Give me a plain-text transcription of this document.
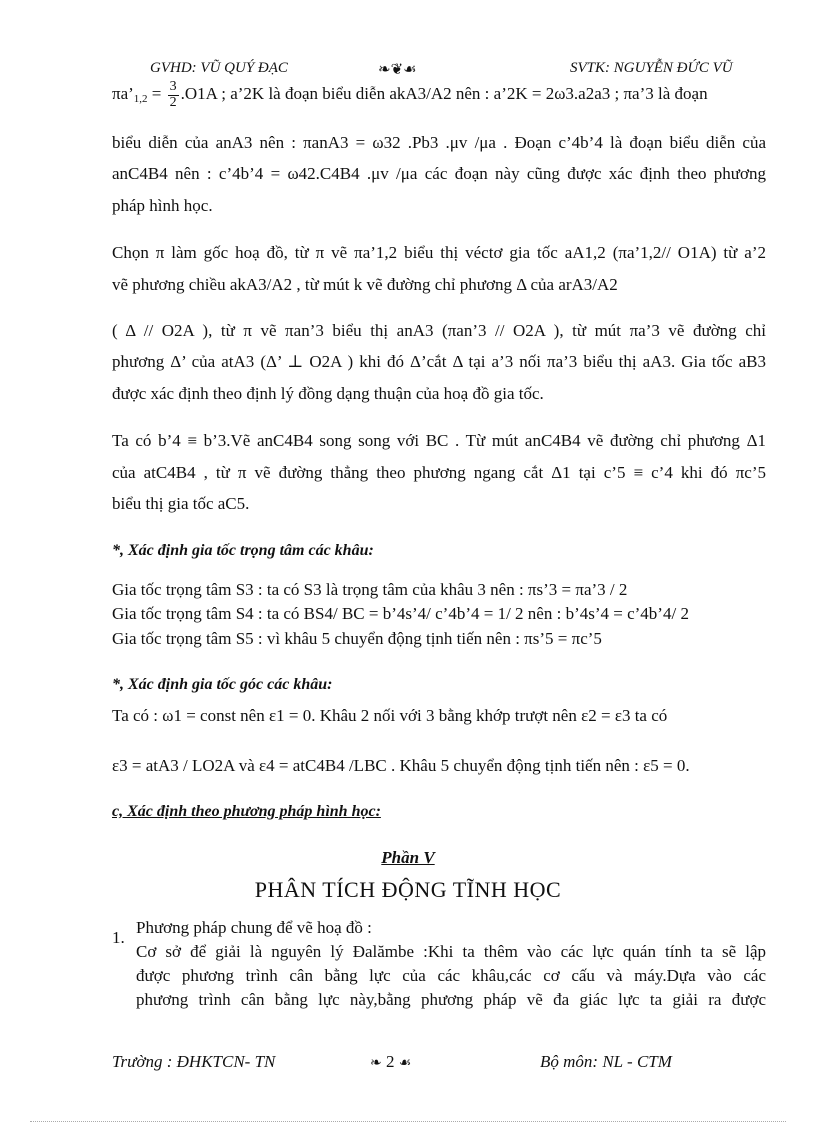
GVHD: VŨ QUÝ ĐẠC	❧❦☙	SVTK: NGUYỄN ĐỨC VŨ
$\pi a’_{1,2} = \frac{3}{2} .O1A$ ; a’2K là đoạn biểu diễn akA3/A2 nên : a’2K = 2ω3.a2a3 ; πa’3 là đoạn
biểu diễn của anA3 nên : πanA3 = ω32 .Pb3 .μv /μa . Đoạn c’4b’4 là đoạn biểu diễn của
anC4B4 nên : c’4b’4 = ω42.C4B4 .μv /μa các đoạn này cũng được xác định theo phương
pháp hình học.
Chọn π làm gốc hoạ đồ, từ π vẽ πa’1,2 biểu thị véctơ gia tốc aA1,2 (πa’1,2// O1A) từ a’2
vẽ phương chiều akA3/A2 , từ mút k vẽ đường chỉ phương Δ của arA3/A2
( Δ // O2A ), từ π vẽ πan’3 biểu thị anA3 (πan’3 // O2A ), từ mút πa’3 vẽ đường chỉ
phương Δ’ của atA3 (Δ’ ⊥ O2A ) khi đó Δ’cắt Δ tại a’3 nối πa’3 biểu thị aA3. Gia tốc aB3
được xác định theo định lý đồng dạng thuận của hoạ đồ gia tốc.
Ta có b’4 ≡ b’3.Vẽ anC4B4 song song với BC . Từ mút anC4B4 vẽ đường chỉ phương Δ1
của atC4B4 , từ π vẽ đường thẳng theo phương ngang cắt Δ1 tại c’5 ≡ c’4 khi đó πc’5
biểu thị gia tốc aC5.
*, Xác định gia tốc trọng tâm các khâu:
Gia tốc trọng tâm S3 : ta có S3 là trọng tâm của khâu 3 nên : πs’3 = πa’3 / 2
Gia tốc trọng tâm S4 : ta có BS4/ BC = b’4s’4/ c’4b’4 = 1/ 2 nên : b’4s’4 = c’4b’4/ 2
Gia tốc trọng tâm S5 : vì khâu 5 chuyển động tịnh tiến nên : πs’5 = πc’5
*, Xác định gia tốc góc các khâu:
Ta có : ω1 = const nên ε1 = 0. Khâu 2 nối với 3 bằng khớp trượt nên ε2 = ε3 ta có
ε3 = atA3 / LO2A và ε4 = atC4B4 /LBC . Khâu 5 chuyển động tịnh tiến nên : ε5 = 0.
c, Xác định theo phương pháp hình học:
Phần V
PHÂN TÍCH ĐỘNG TĨNH HỌC
1.
Phương pháp chung để vẽ hoạ đồ :
Cơ sở để giải là nguyên lý Đalămbe :Khi ta thêm vào các lực quán tính ta sẽ lập
được phương trình cân bằng lực của các khâu,các cơ cấu và máy.Dựa vào các
phương trình cân bằng lực này,bằng phương pháp vẽ đa giác lực ta giải ra được
Trường : ĐHKTCN- TN	❧ 2 ☙	Bộ môn: NL - CTM
